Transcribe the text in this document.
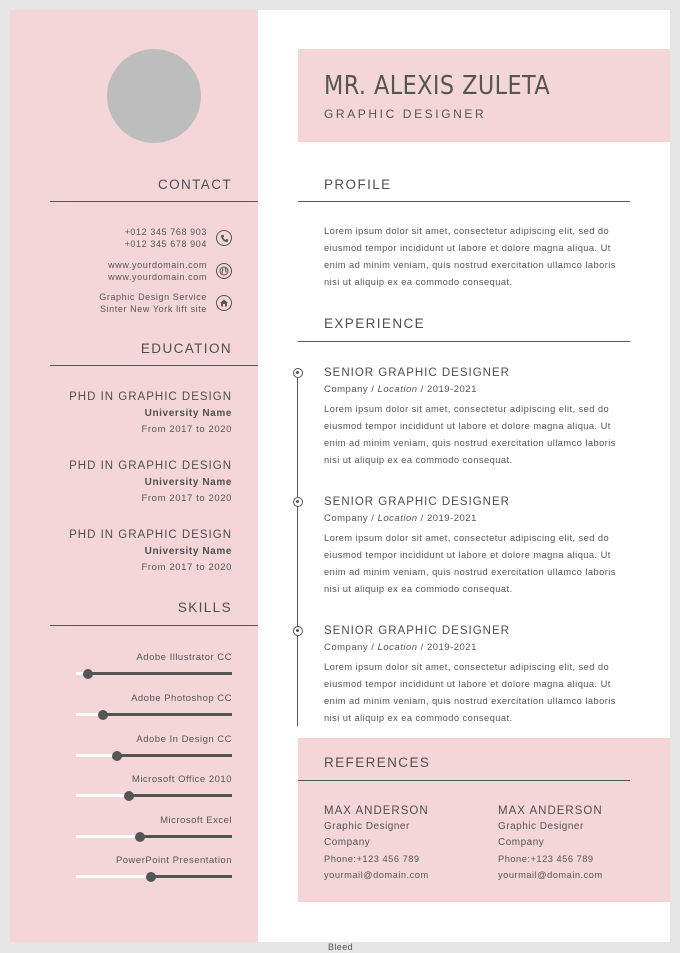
CONTACT
+012 345 768 903
+012 345 678 904
www.yourdomain.com
www.yourdomain.com
Graphic Design Service
Sinter New York lift site
EDUCATION
PHD IN GRAPHIC DESIGN
University Name
From 2017 to 2020
PHD IN GRAPHIC DESIGN
University Name
From 2017 to 2020
PHD IN GRAPHIC DESIGN
University Name
From 2017 to 2020
SKILLS
Adobe Illustrator CC
Adobe Photoshop CC
Adobe In Design CC
Microsoft Office 2010
Microsoft Excel
PowerPoint Presentation
MR. ALEXIS ZULETA
GRAPHIC DESIGNER
PROFILE
Lorem ipsum dolor sit amet, consectetur adipiscing elit, sed do eiusmod tempor incididunt ut labore et dolore magna aliqua. Ut enim ad minim veniam, quis nostrud exercitation ullamco laboris nisi ut aliquip ex ea commodo consequat.
EXPERIENCE
SENIOR GRAPHIC DESIGNER
Company / Location / 2019-2021
Lorem ipsum dolor sit amet, consectetur adipiscing elit, sed do eiusmod tempor incididunt ut labore et dolore magna aliqua. Ut enim ad minim veniam, quis nostrud exercitation ullamco laboris nisi ut aliquip ex ea commodo consequat.
SENIOR GRAPHIC DESIGNER
Company / Location / 2019-2021
Lorem ipsum dolor sit amet, consectetur adipiscing elit, sed do eiusmod tempor incididunt ut labore et dolore magna aliqua. Ut enim ad minim veniam, quis nostrud exercitation ullamco laboris nisi ut aliquip ex ea commodo consequat.
SENIOR GRAPHIC DESIGNER
Company / Location / 2019-2021
Lorem ipsum dolor sit amet, consectetur adipiscing elit, sed do eiusmod tempor incididunt ut labore et dolore magna aliqua. Ut enim ad minim veniam, quis nostrud exercitation ullamco laboris nisi ut aliquip ex ea commodo consequat.
REFERENCES
MAX ANDERSON
Graphic Designer
Company
Phone:+123 456 789
yourmail@domain.com
MAX ANDERSON
Graphic Designer
Company
Phone:+123 456 789
yourmail@domain.com
Bleed
